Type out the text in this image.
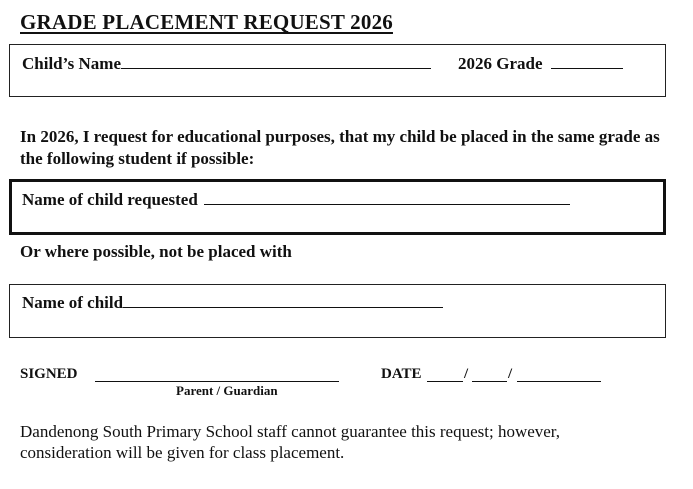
GRADE PLACEMENT REQUEST 2026
Child’s Name	2026 Grade
In 2026, I request for educational purposes, that my child be placed in the same grade as the following student if possible:
Name of child requested
Or where possible, not be placed with
Name of child
SIGNED
Parent / Guardian
DATE	/	/
Dandenong South Primary School staff cannot guarantee this request; however, consideration will be given for class placement.
